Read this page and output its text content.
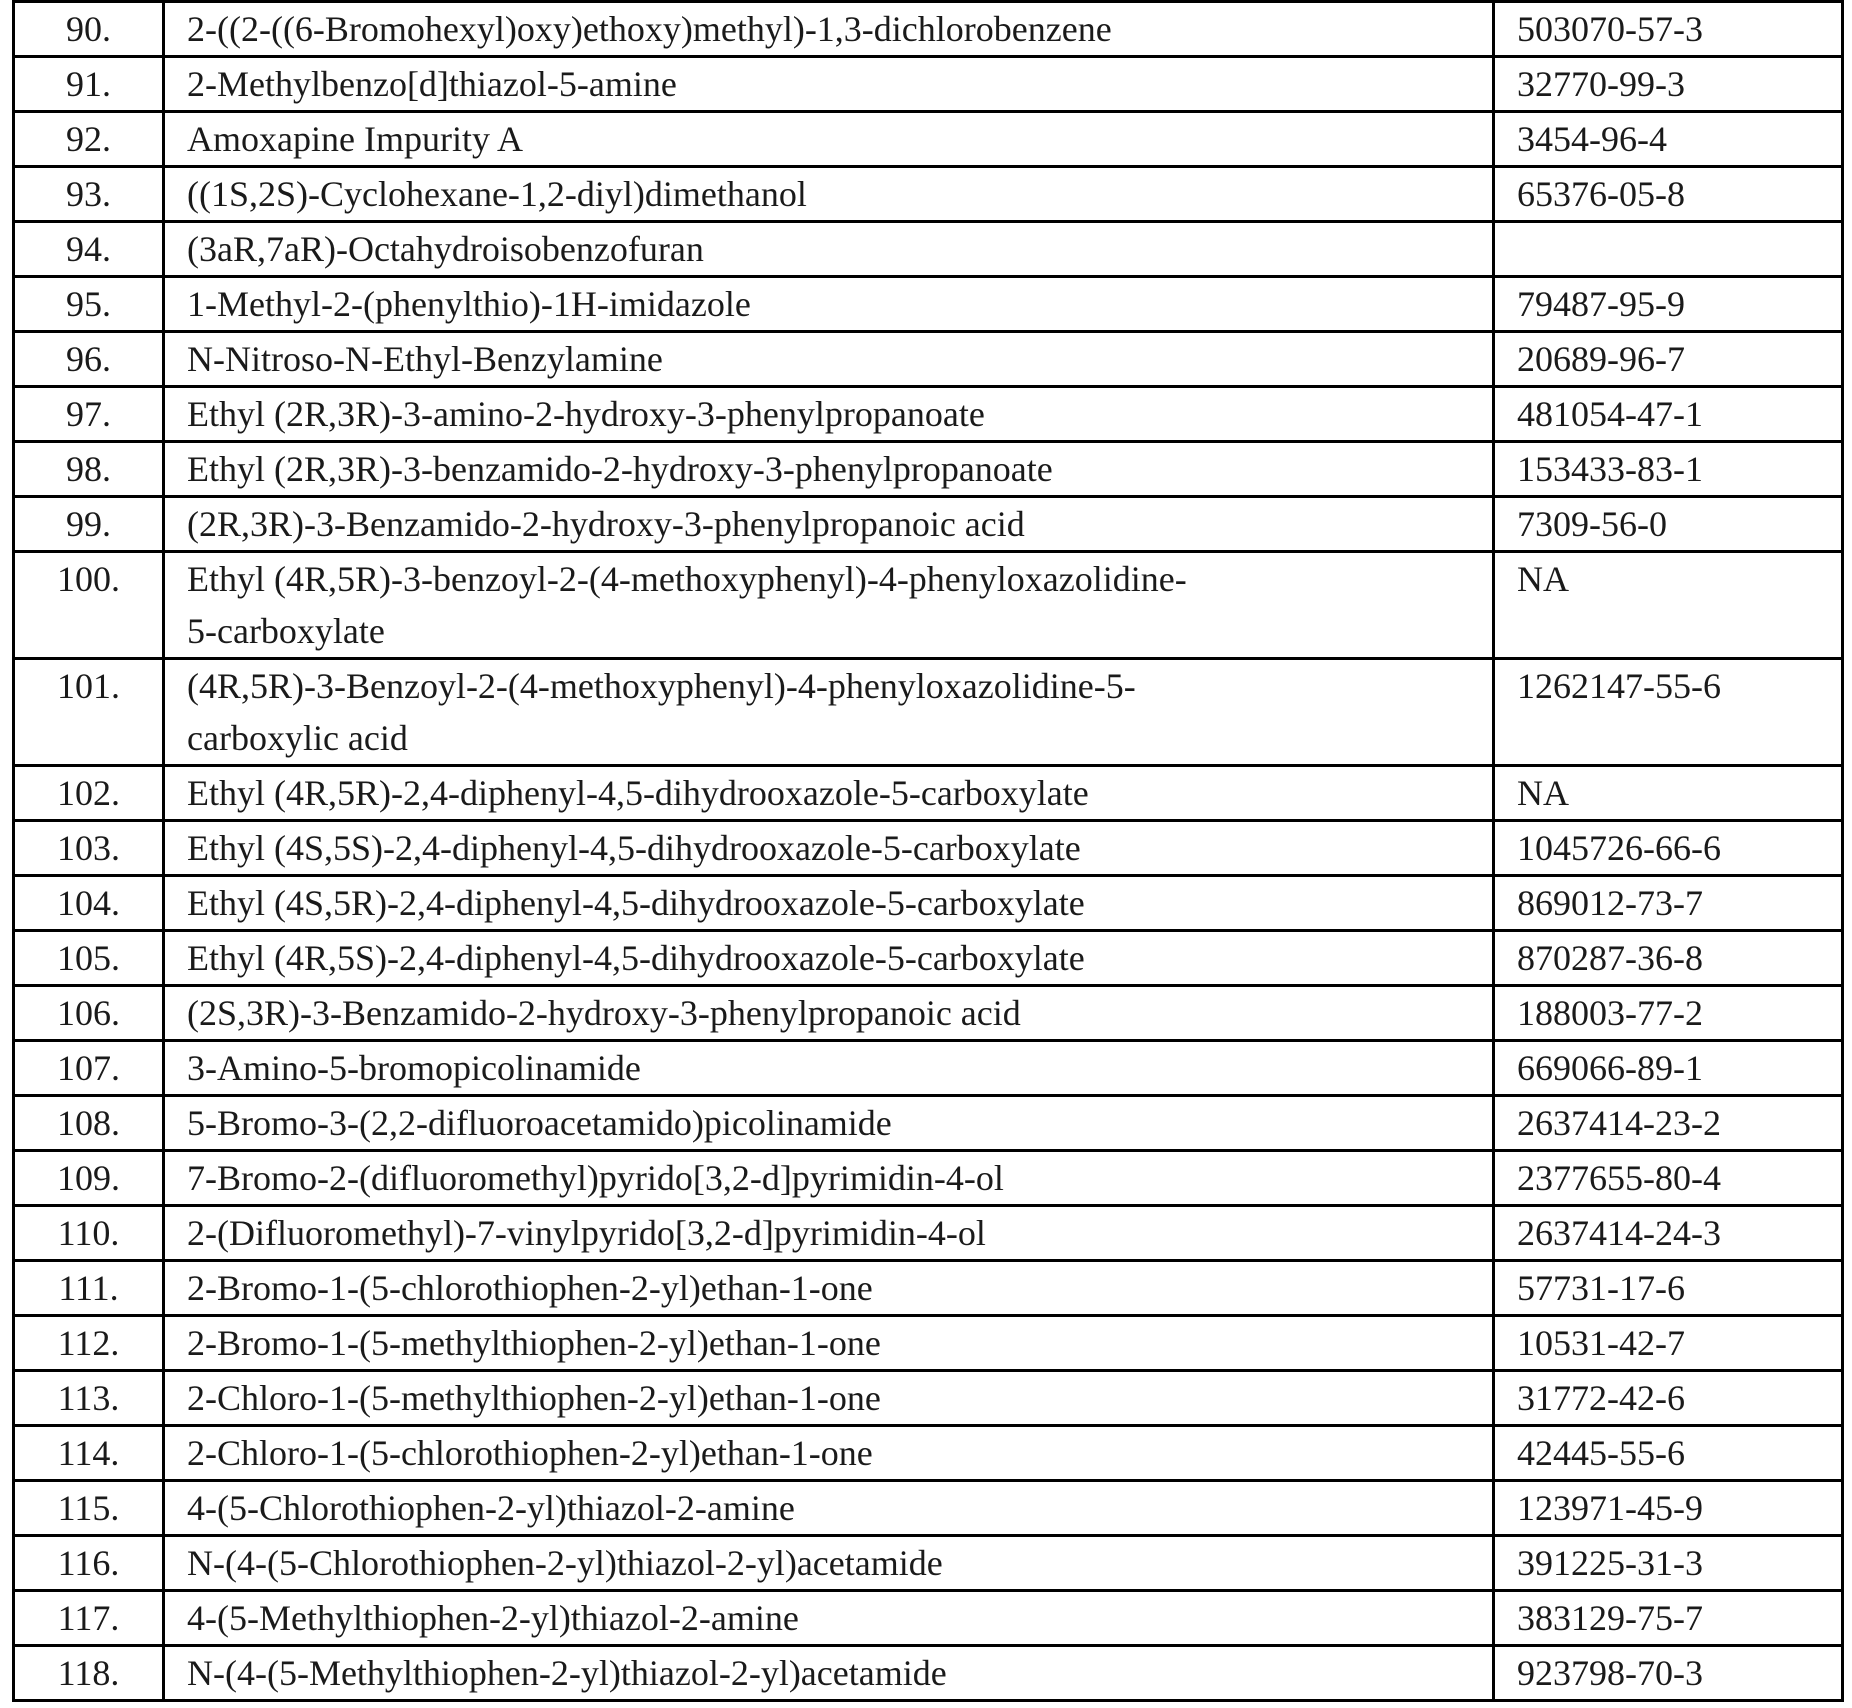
90.	2-((2-((6-Bromohexyl)oxy)ethoxy)methyl)-1,3-dichlorobenzene	503070-57-3
91.	2-Methylbenzo[d]thiazol-5-amine	32770-99-3
92.	Amoxapine Impurity A	3454-96-4
93.	((1S,2S)-Cyclohexane-1,2-diyl)dimethanol	65376-05-8
94.	(3aR,7aR)-Octahydroisobenzofuran	
95.	1-Methyl-2-(phenylthio)-1H-imidazole	79487-95-9
96.	N-Nitroso-N-Ethyl-Benzylamine	20689-96-7
97.	Ethyl (2R,3R)-3-amino-2-hydroxy-3-phenylpropanoate	481054-47-1
98.	Ethyl (2R,3R)-3-benzamido-2-hydroxy-3-phenylpropanoate	153433-83-1
99.	(2R,3R)-3-Benzamido-2-hydroxy-3-phenylpropanoic acid	7309-56-0
100.	Ethyl (4R,5R)-3-benzoyl-2-(4-methoxyphenyl)-4-phenyloxazolidine-
5-carboxylate	NA
101.	(4R,5R)-3-Benzoyl-2-(4-methoxyphenyl)-4-phenyloxazolidine-5-
carboxylic acid	1262147-55-6
102.	Ethyl (4R,5R)-2,4-diphenyl-4,5-dihydrooxazole-5-carboxylate	NA
103.	Ethyl (4S,5S)-2,4-diphenyl-4,5-dihydrooxazole-5-carboxylate	1045726-66-6
104.	Ethyl (4S,5R)-2,4-diphenyl-4,5-dihydrooxazole-5-carboxylate	869012-73-7
105.	Ethyl (4R,5S)-2,4-diphenyl-4,5-dihydrooxazole-5-carboxylate	870287-36-8
106.	(2S,3R)-3-Benzamido-2-hydroxy-3-phenylpropanoic acid	188003-77-2
107.	3-Amino-5-bromopicolinamide	669066-89-1
108.	5-Bromo-3-(2,2-difluoroacetamido)picolinamide	2637414-23-2
109.	7-Bromo-2-(difluoromethyl)pyrido[3,2-d]pyrimidin-4-ol	2377655-80-4
110.	2-(Difluoromethyl)-7-vinylpyrido[3,2-d]pyrimidin-4-ol	2637414-24-3
111.	2-Bromo-1-(5-chlorothiophen-2-yl)ethan-1-one	57731-17-6
112.	2-Bromo-1-(5-methylthiophen-2-yl)ethan-1-one	10531-42-7
113.	2-Chloro-1-(5-methylthiophen-2-yl)ethan-1-one	31772-42-6
114.	2-Chloro-1-(5-chlorothiophen-2-yl)ethan-1-one	42445-55-6
115.	4-(5-Chlorothiophen-2-yl)thiazol-2-amine	123971-45-9
116.	N-(4-(5-Chlorothiophen-2-yl)thiazol-2-yl)acetamide	391225-31-3
117.	4-(5-Methylthiophen-2-yl)thiazol-2-amine	383129-75-7
118.	N-(4-(5-Methylthiophen-2-yl)thiazol-2-yl)acetamide	923798-70-3
